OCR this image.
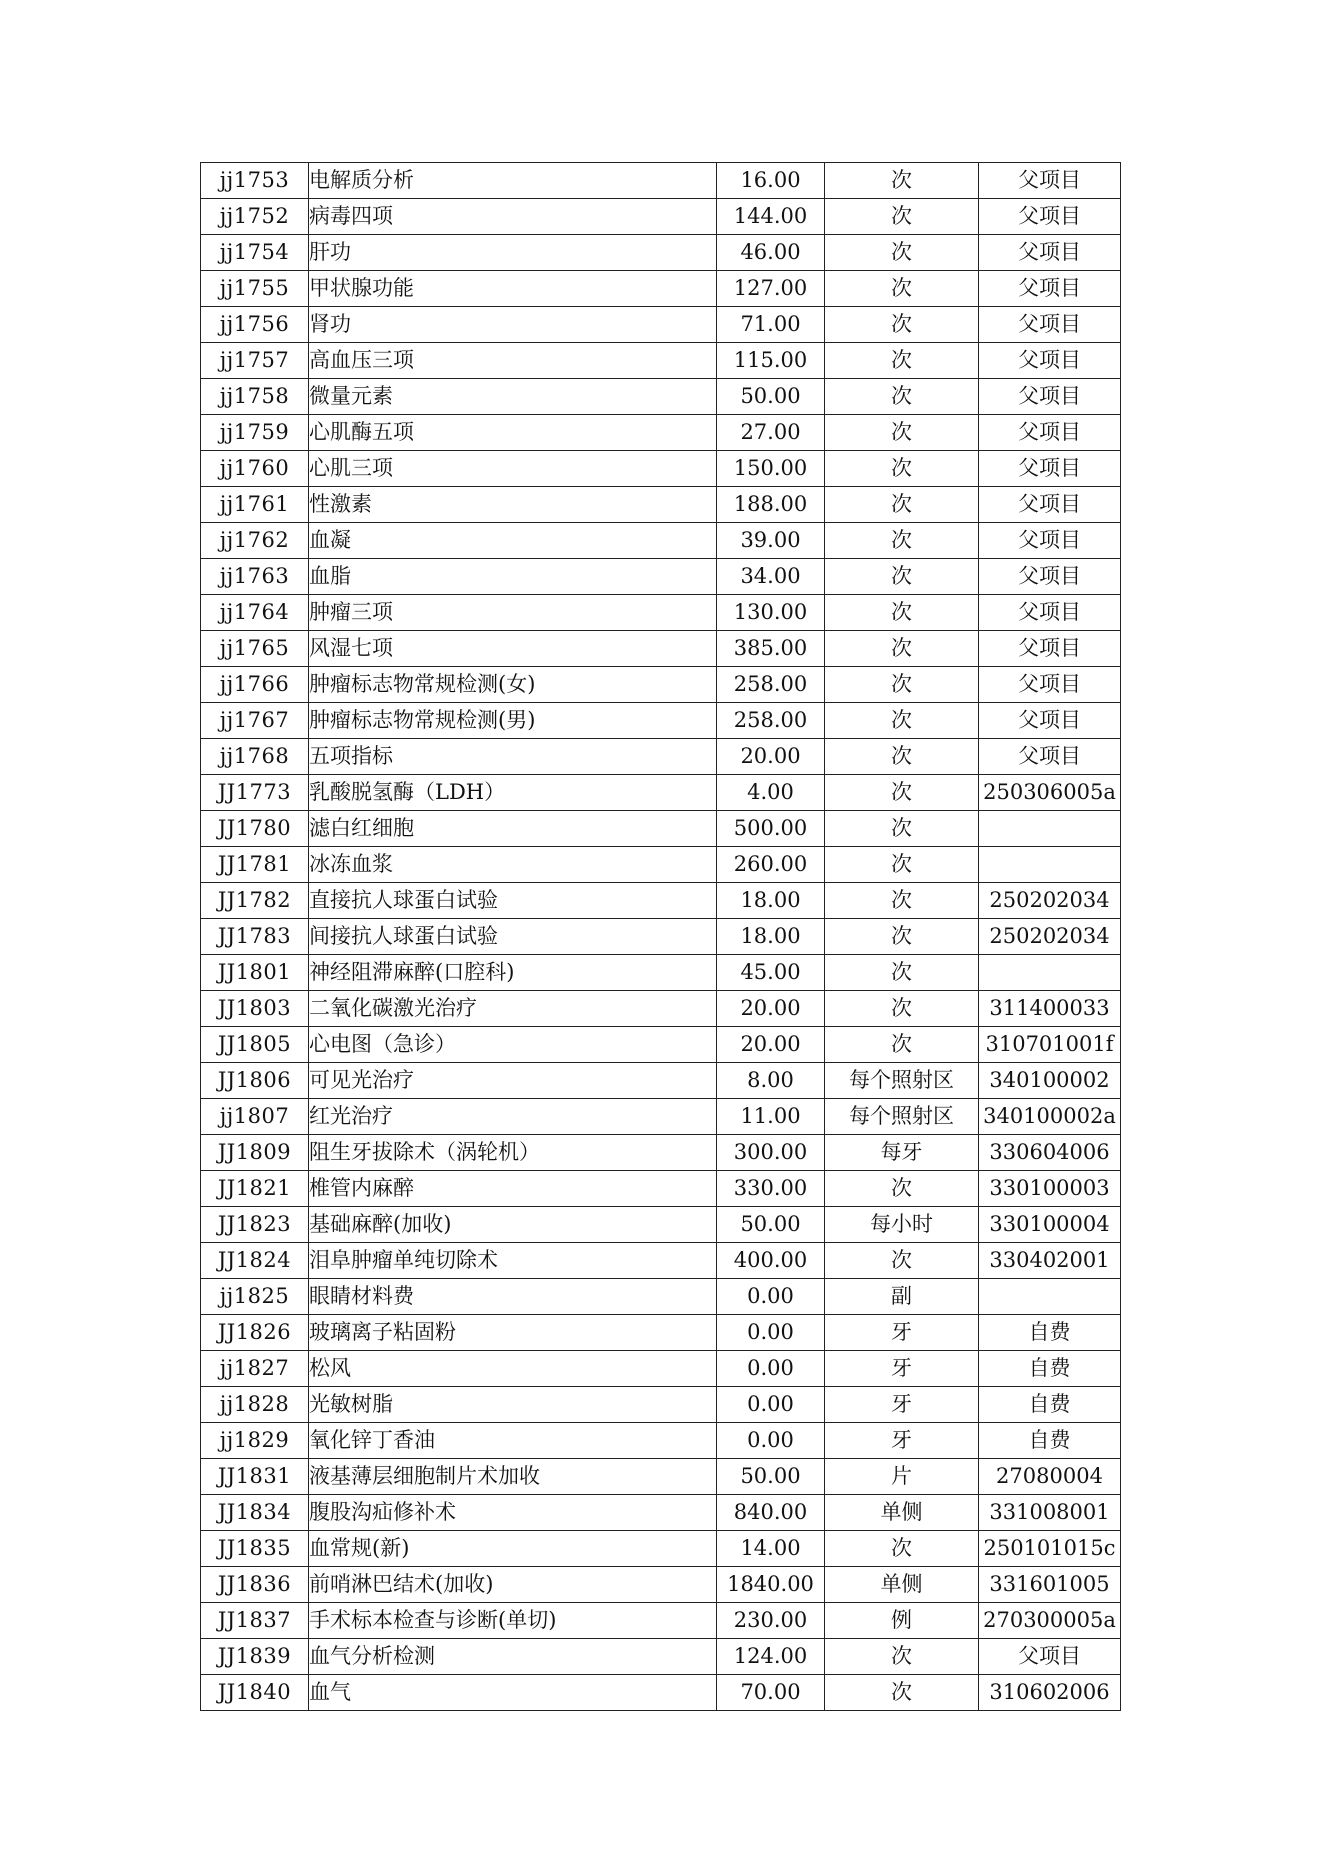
jj1753	电解质分析	16.00	次	父项目
jj1752	病毒四项	144.00	次	父项目
jj1754	肝功	46.00	次	父项目
jj1755	甲状腺功能	127.00	次	父项目
jj1756	肾功	71.00	次	父项目
jj1757	高血压三项	115.00	次	父项目
jj1758	微量元素	50.00	次	父项目
jj1759	心肌酶五项	27.00	次	父项目
jj1760	心肌三项	150.00	次	父项目
jj1761	性激素	188.00	次	父项目
jj1762	血凝	39.00	次	父项目
jj1763	血脂	34.00	次	父项目
jj1764	肿瘤三项	130.00	次	父项目
jj1765	风湿七项	385.00	次	父项目
jj1766	肿瘤标志物常规检测(女)	258.00	次	父项目
jj1767	肿瘤标志物常规检测(男)	258.00	次	父项目
jj1768	五项指标	20.00	次	父项目
JJ1773	乳酸脱氢酶（LDH）	4.00	次	250306005a
JJ1780	滤白红细胞	500.00	次	
JJ1781	冰冻血浆	260.00	次	
JJ1782	直接抗人球蛋白试验	18.00	次	250202034
JJ1783	间接抗人球蛋白试验	18.00	次	250202034
JJ1801	神经阻滞麻醉(口腔科)	45.00	次	
JJ1803	二氧化碳激光治疗	20.00	次	311400033
JJ1805	心电图（急诊）	20.00	次	310701001f
JJ1806	可见光治疗	8.00	每个照射区	340100002
jj1807	红光治疗	11.00	每个照射区	340100002a
JJ1809	阻生牙拔除术（涡轮机）	300.00	每牙	330604006
JJ1821	椎管内麻醉	330.00	次	330100003
JJ1823	基础麻醉(加收)	50.00	每小时	330100004
JJ1824	泪阜肿瘤单纯切除术	400.00	次	330402001
jj1825	眼睛材料费	0.00	副	
JJ1826	玻璃离子粘固粉	0.00	牙	自费
jj1827	松风	0.00	牙	自费
jj1828	光敏树脂	0.00	牙	自费
jj1829	氧化锌丁香油	0.00	牙	自费
JJ1831	液基薄层细胞制片术加收	50.00	片	27080004
JJ1834	腹股沟疝修补术	840.00	单侧	331008001
JJ1835	血常规(新)	14.00	次	250101015c
JJ1836	前哨淋巴结术(加收)	1840.00	单侧	331601005
JJ1837	手术标本检查与诊断(单切)	230.00	例	270300005a
JJ1839	血气分析检测	124.00	次	父项目
JJ1840	血气	70.00	次	310602006
